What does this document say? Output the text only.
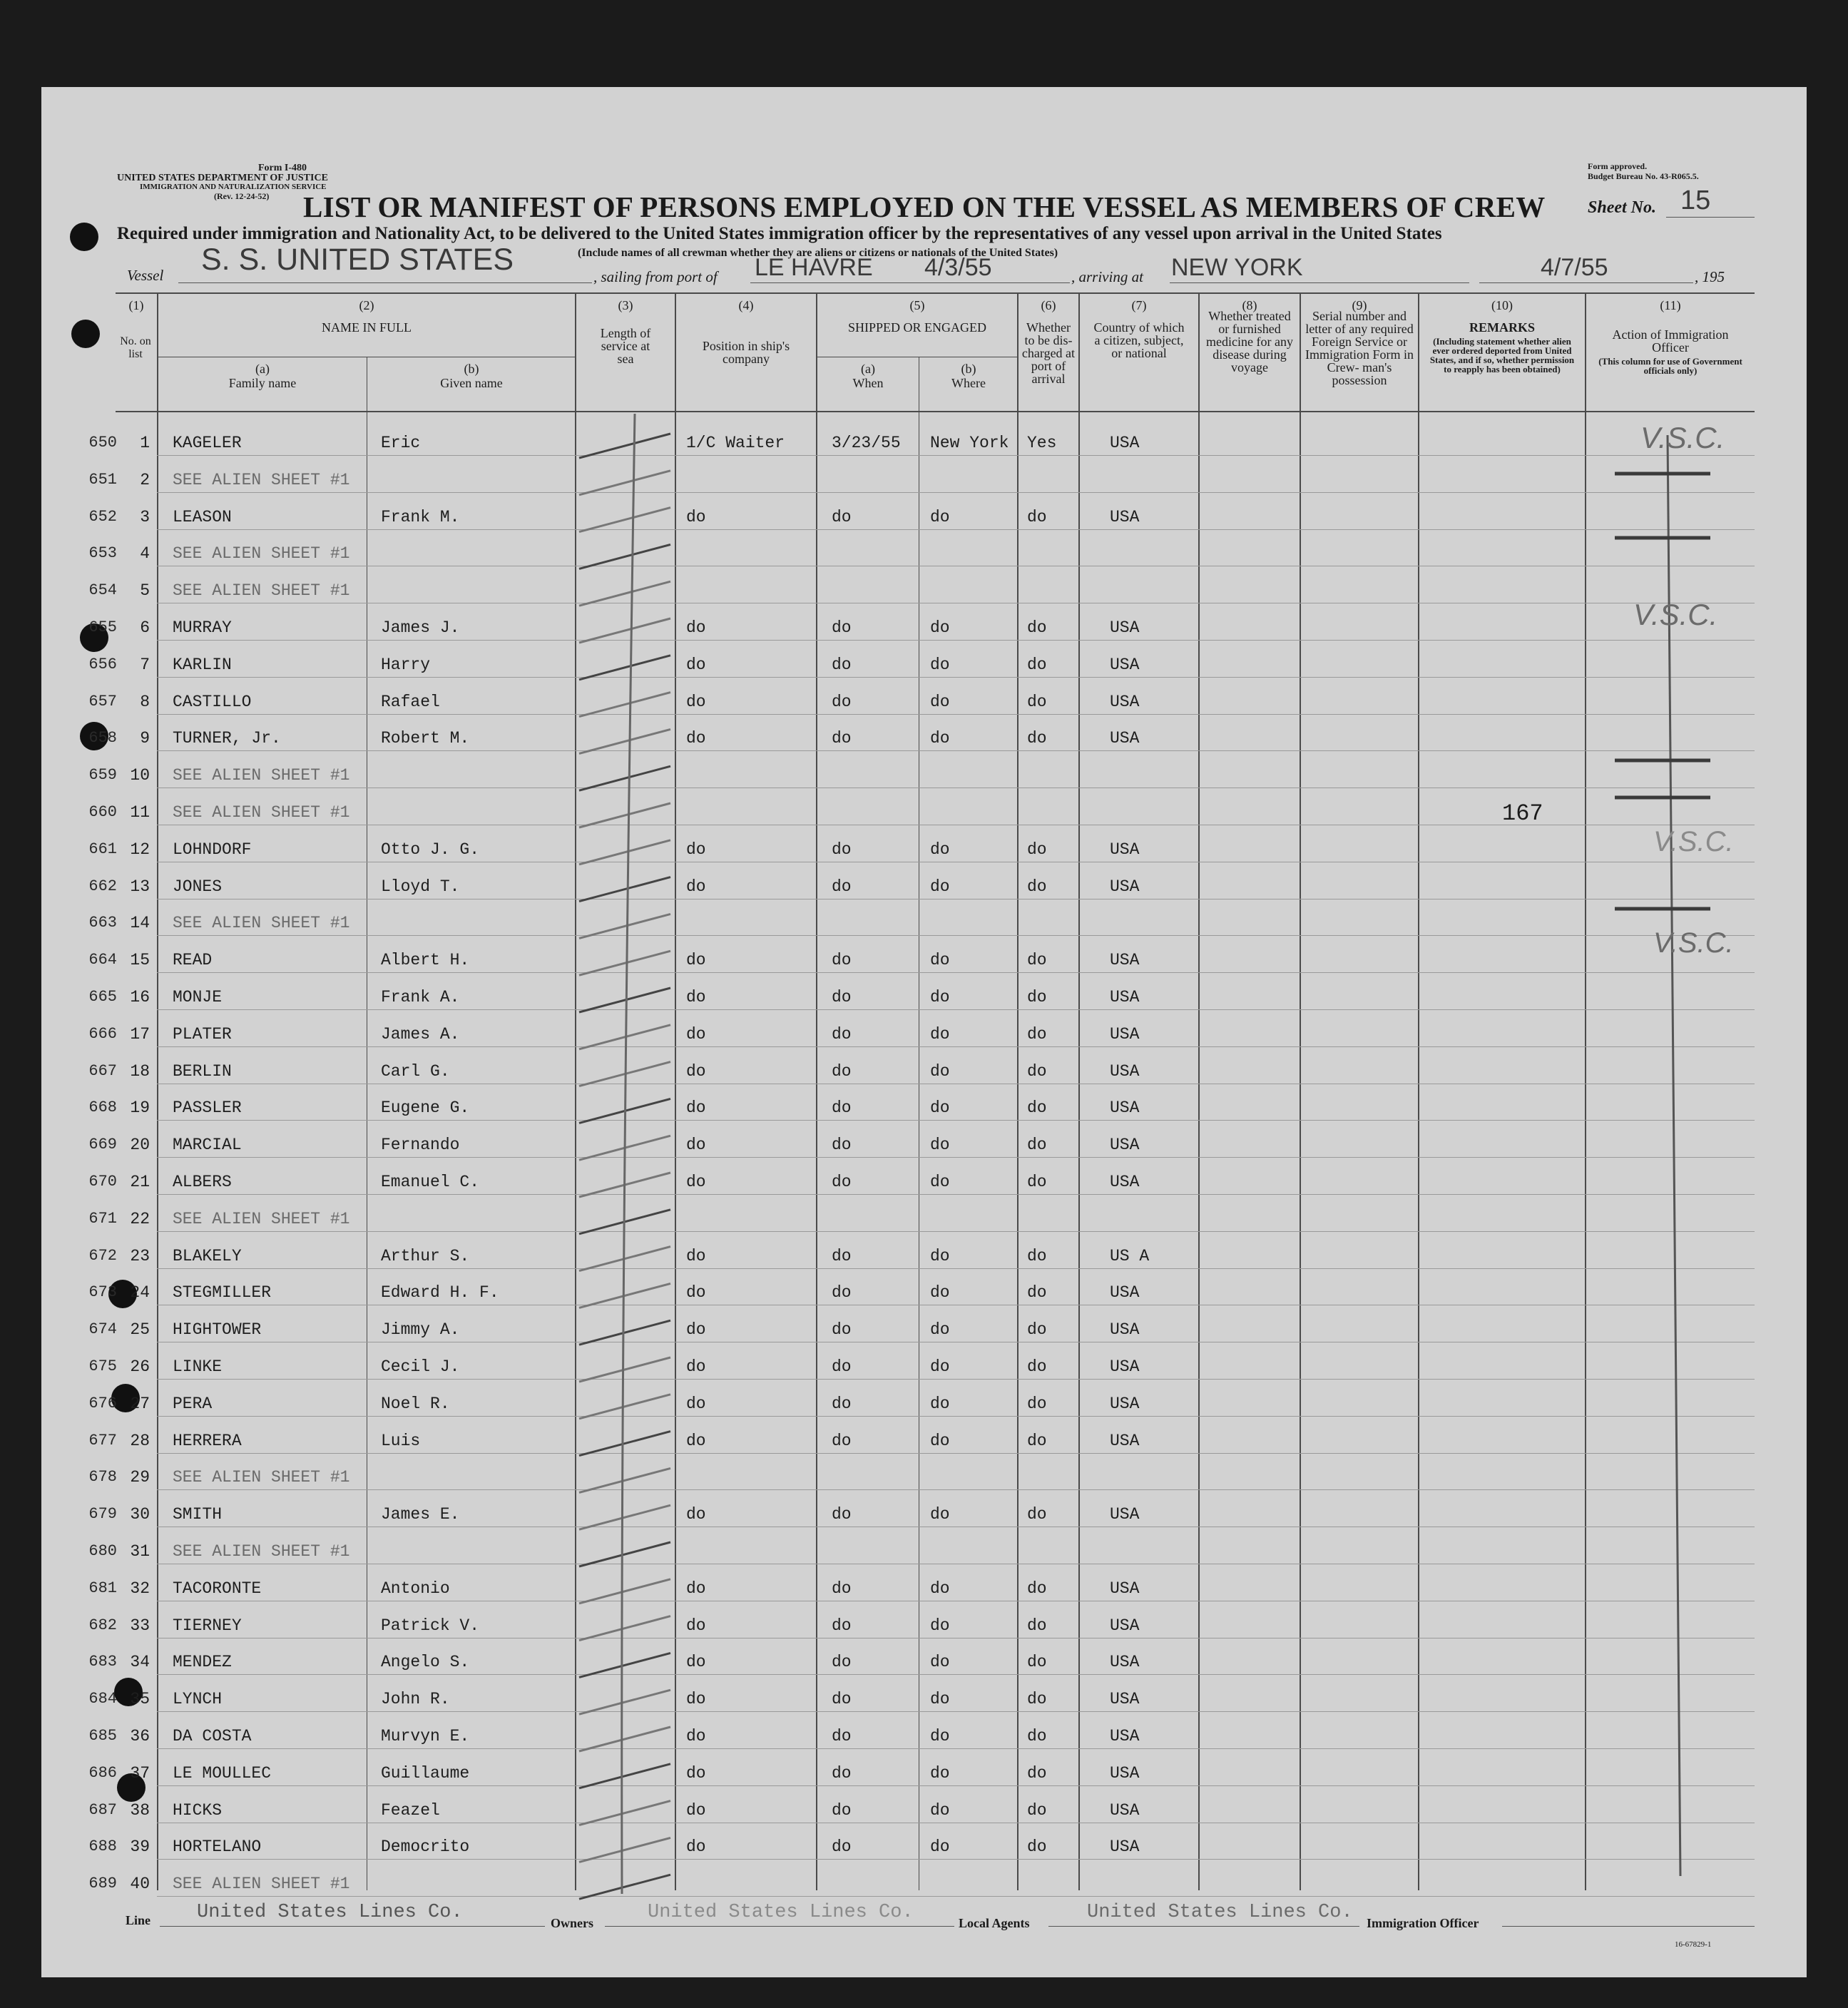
Form I-480
UNITED STATES DEPARTMENT OF JUSTICE
IMMIGRATION AND NATURALIZATION SERVICE
(Rev. 12-24-52)
Form approved.
Budget Bureau No. 43-R065.5.
LIST OR MANIFEST OF PERSONS EMPLOYED ON THE VESSEL AS MEMBERS OF CREW Sheet No. 15
Required under immigration and Nationality Act, to be delivered to the United States immigration officer by the representatives of any vessel upon arrival in the United States
(Include names of all crewman whether they are aliens or citizens or nationals of the United States)
Vessel S. S. UNITED STATES	, sailing from port of LE HAVRE 4/3/55	, arriving at NEW YORK	4/7/55	, 195
(1)
No. on list
(2)
NAME IN FULL
(a)
Family name
(b)
Given name
(3)
Length of service at sea
(4)
Position in ship's company
(5)
SHIPPED OR ENGAGED
(a)
When
(b)
Where
(6)
Whether to be dis- charged at port of arrival
(7)
Country of which a citizen, subject, or national
(8)
Whether treated or furnished medicine for any disease during voyage
(9)
Serial number and letter of any required Foreign Service or Immigration Form in Crew- man's possession
(10)
REMARKS
(Including statement whether alien ever ordered deported from United States, and if so, whether permission to reapply has been obtained)
(11)
Action of Immigration Officer
(This column for use of Government officials only)
650	1 KAGELER	Eric	1/C Waiter	3/23/55	New York	Yes	USA
651	2 SEE ALIEN SHEET #1
652	3 LEASON	Frank M.	do	do	do	do	USA
653	4 SEE ALIEN SHEET #1
654	5 SEE ALIEN SHEET #1
655	6 MURRAY	James J.	do	do	do	do	USA
656	7 KARLIN	Harry	do	do	do	do	USA
657	8 CASTILLO	Rafael	do	do	do	do	USA
658	9 TURNER, Jr.	Robert M.	do	do	do	do	USA
659 10 SEE ALIEN SHEET #1
660 11 SEE ALIEN SHEET #1
661 12 LOHNDORF	Otto J. G.	do	do	do	do	USA
662 13 JONES	Lloyd T.	do	do	do	do	USA
663 14 SEE ALIEN SHEET #1
664 15 READ	Albert H.	do	do	do	do	USA
665 16 MONJE	Frank A.	do	do	do	do	USA
666 17 PLATER	James A.	do	do	do	do	USA
667 18 BERLIN	Carl G.	do	do	do	do	USA
668 19 PASSLER	Eugene G.	do	do	do	do	USA
669 20 MARCIAL	Fernando	do	do	do	do	USA
670 21 ALBERS	Emanuel C.	do	do	do	do	USA
671 22 SEE ALIEN SHEET #1
672 23 BLAKELY	Arthur S.	do	do	do	do	US A
673 24 STEGMILLER	Edward H. F.	do	do	do	do	USA
674 25 HIGHTOWER	Jimmy A.	do	do	do	do	USA
675 26 LINKE	Cecil J.	do	do	do	do	USA
676 27 PERA	Noel R.	do	do	do	do	USA
677 28 HERRERA	Luis	do	do	do	do	USA
678 29 SEE ALIEN SHEET #1
679 30 SMITH	James E.	do	do	do	do	USA
680 31 SEE ALIEN SHEET #1
681 32 TACORONTE	Antonio	do	do	do	do	USA
682 33 TIERNEY	Patrick V.	do	do	do	do	USA
683 34 MENDEZ	Angelo S.	do	do	do	do	USA
684 35 LYNCH	John R.	do	do	do	do	USA
685 36 DA COSTA	Murvyn E.	do	do	do	do	USA
686 37 LE MOULLEC	Guillaume	do	do	do	do	USA
687 38 HICKS	Feazel	do	do	do	do	USA
688 39 HORTELANO	Democrito	do	do	do	do	USA
689 40 SEE ALIEN SHEET #1
167
V.S.C.
V.S.C.
V.S.C.
V.S.C.
Line United States Lines Co.	Owners	United States Lines Co.	Local Agents	United States Lines Co. Immigration Officer
16-67829-1
